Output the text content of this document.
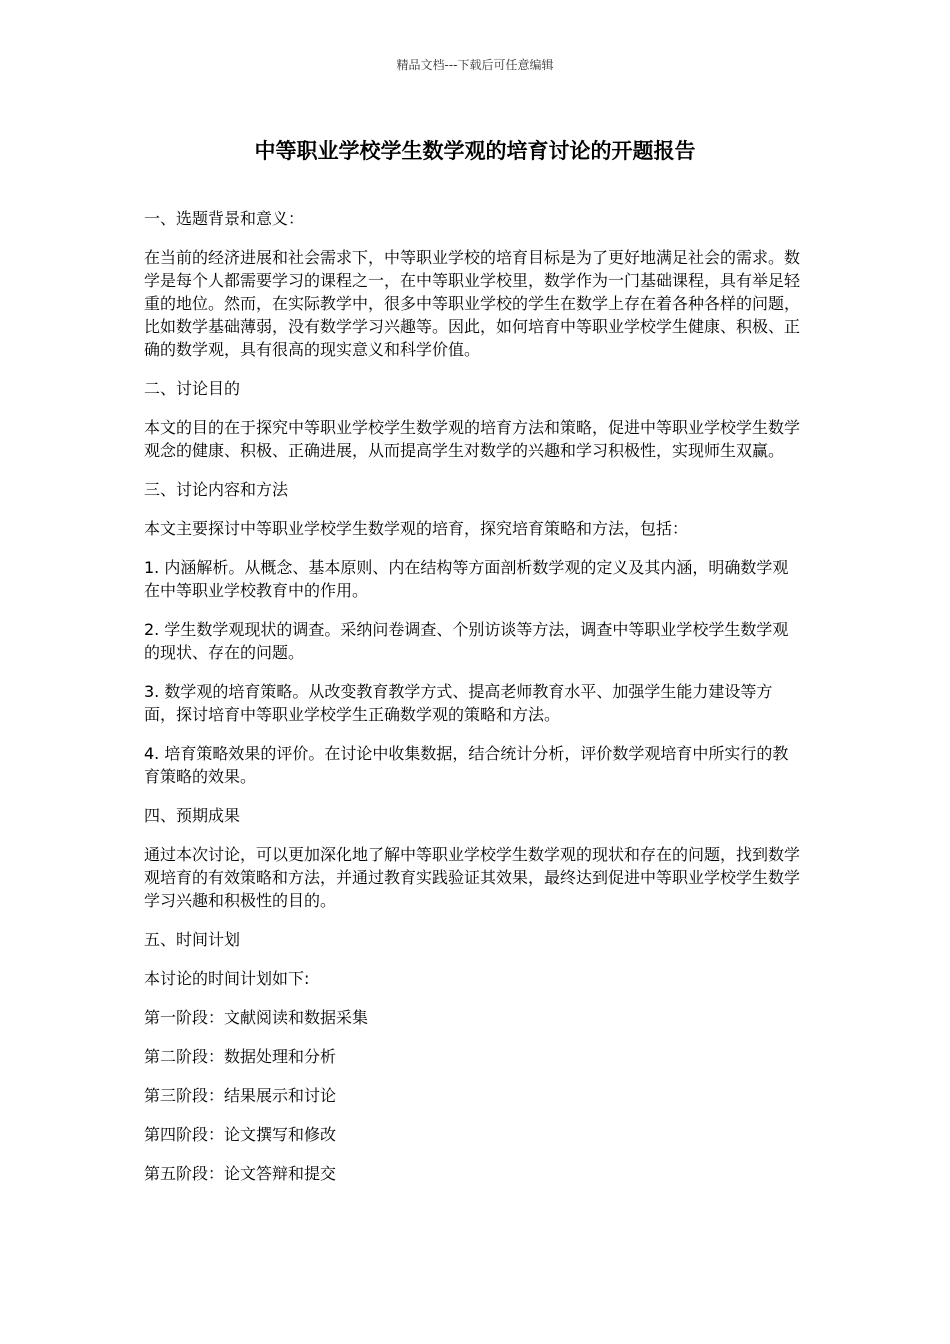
精品文档---下载后可任意编辑
中等职业学校学生数学观的培育讨论的开题报告

一、选题背景和意义：

在当前的经济进展和社会需求下，中等职业学校的培育目标是为了更好地满足社会的需求。数学是每个人都需要学习的课程之一，在中等职业学校里，数学作为一门基础课程，具有举足轻重的地位。然而，在实际教学中，很多中等职业学校的学生在数学上存在着各种各样的问题，比如数学基础薄弱，没有数学学习兴趣等。因此，如何培育中等职业学校学生健康、积极、正确的数学观，具有很高的现实意义和科学价值。

二、讨论目的

本文的目的在于探究中等职业学校学生数学观的培育方法和策略，促进中等职业学校学生数学观念的健康、积极、正确进展，从而提高学生对数学的兴趣和学习积极性，实现师生双赢。

三、讨论内容和方法

本文主要探讨中等职业学校学生数学观的培育，探究培育策略和方法，包括：

1. 内涵解析。从概念、基本原则、内在结构等方面剖析数学观的定义及其内涵，明确数学观在中等职业学校教育中的作用。

2. 学生数学观现状的调查。采纳问卷调查、个别访谈等方法，调查中等职业学校学生数学观的现状、存在的问题。

3. 数学观的培育策略。从改变教育教学方式、提高老师教育水平、加强学生能力建设等方面，探讨培育中等职业学校学生正确数学观的策略和方法。

4. 培育策略效果的评价。在讨论中收集数据，结合统计分析，评价数学观培育中所实行的教育策略的效果。

四、预期成果

通过本次讨论，可以更加深化地了解中等职业学校学生数学观的现状和存在的问题，找到数学观培育的有效策略和方法，并通过教育实践验证其效果，最终达到促进中等职业学校学生数学学习兴趣和积极性的目的。

五、时间计划

本讨论的时间计划如下:

第一阶段：文献阅读和数据采集

第二阶段：数据处理和分析

第三阶段：结果展示和讨论

第四阶段：论文撰写和修改

第五阶段：论文答辩和提交
